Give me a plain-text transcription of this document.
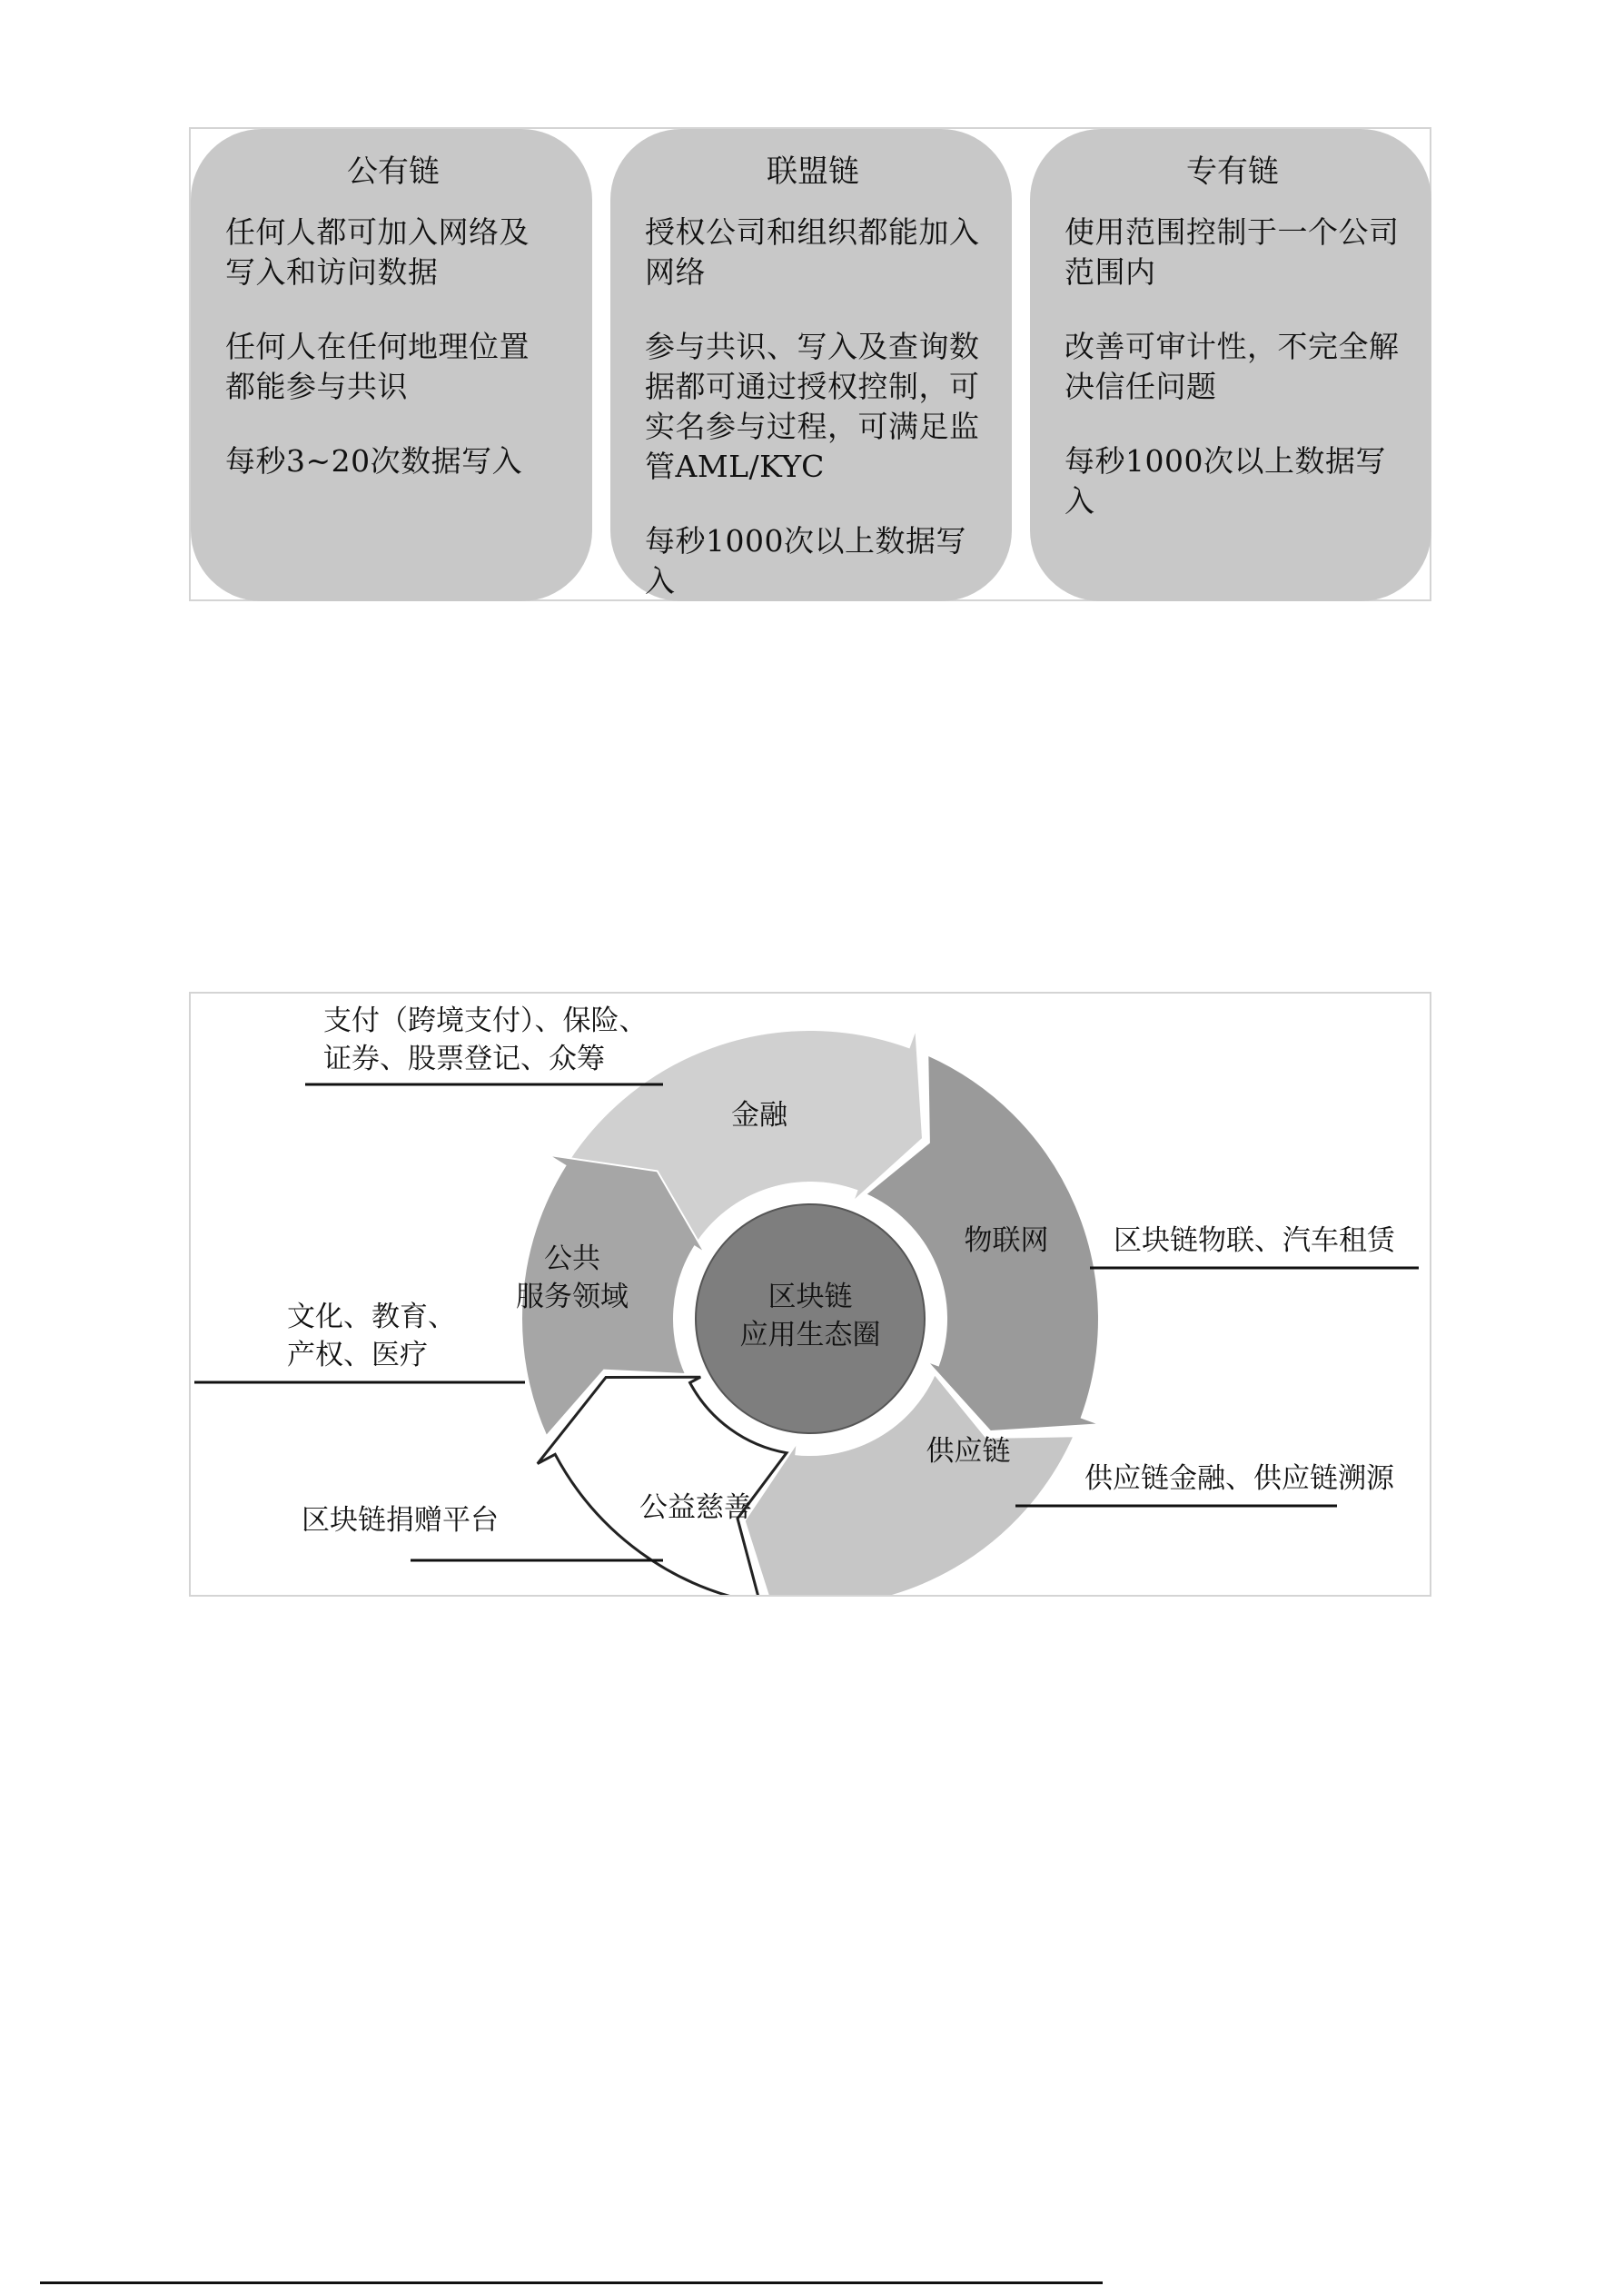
公有链
任何人都可加入网络及
写入和访问数据
任何人在任何地理位置
都能参与共识
每秒3~20次数据写入
联盟链
授权公司和组织都能加入
网络
参与共识、写入及查询数
据都可通过授权控制，可
实名参与过程，可满足监
管AML/KYC
每秒1000次以上数据写入
专有链
使用范围控制于一个公司
范围内
改善可审计性，不完全解
决信任问题
每秒1000次以上数据写入
区块链
应用生态圈
金融
物联网
供应链
公益慈善
公共
服务领域
支付（跨境支付）、保险、
证券、股票登记、众筹
区块链物联、汽车租赁
供应链金融、供应链溯源
区块链捐赠平台
文化、教育、
产权、医疗
